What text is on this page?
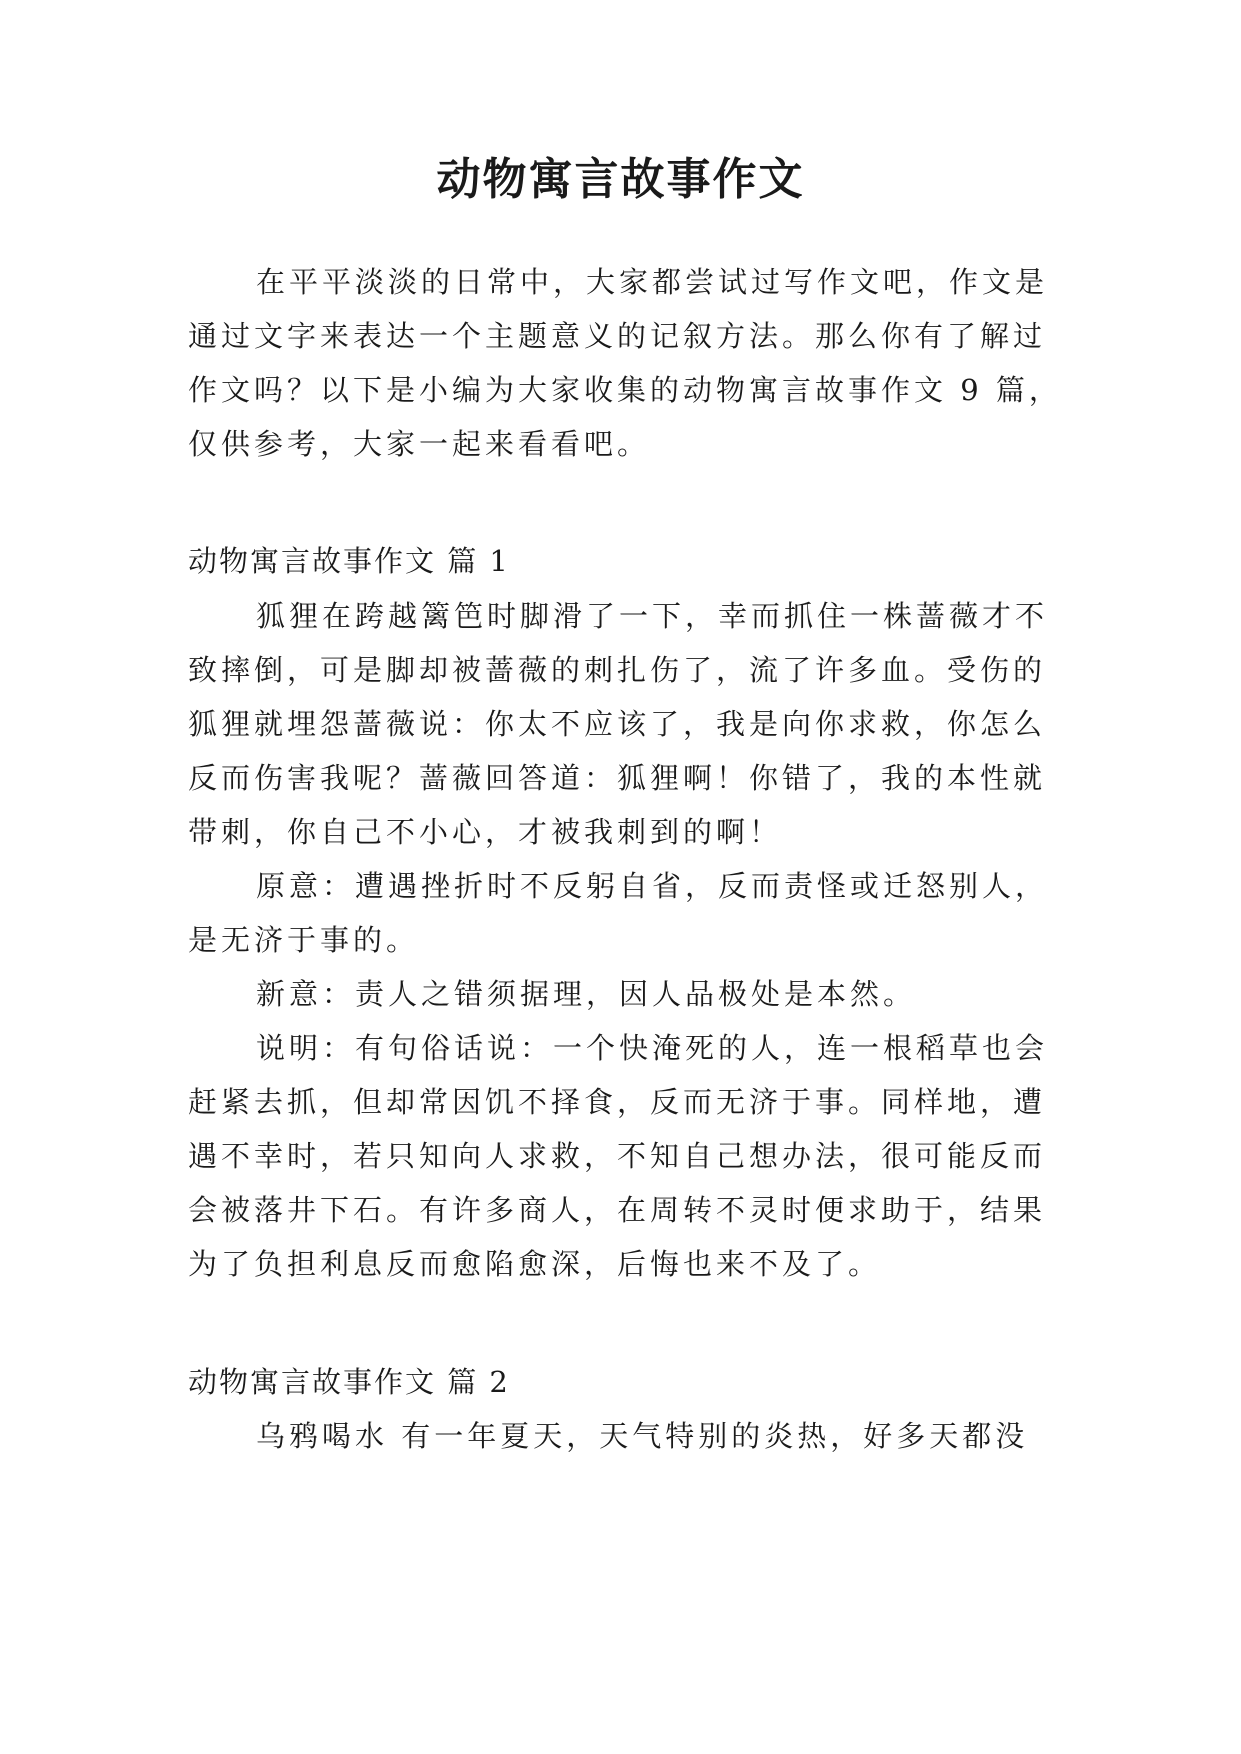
动物寓言故事作文
在平平淡淡的日常中，大家都尝试过写作文吧，作文是
通过文字来表达一个主题意义的记叙方法。那么你有了解过
作文吗？以下是小编为大家收集的动物寓言故事作文 9 篇，
仅供参考，大家一起来看看吧。
动物寓言故事作文 篇 1
狐狸在跨越篱笆时脚滑了一下，幸而抓住一株蔷薇才不
致摔倒，可是脚却被蔷薇的刺扎伤了，流了许多血。受伤的
狐狸就埋怨蔷薇说：你太不应该了，我是向你求救，你怎么
反而伤害我呢？蔷薇回答道：狐狸啊！你错了，我的本性就
带刺，你自己不小心，才被我刺到的啊！
原意：遭遇挫折时不反躬自省，反而责怪或迁怒别人，
是无济于事的。
新意：责人之错须据理，因人品极处是本然。
说明：有句俗话说：一个快淹死的人，连一根稻草也会
赶紧去抓，但却常因饥不择食，反而无济于事。同样地，遭
遇不幸时，若只知向人求救，不知自己想办法，很可能反而
会被落井下石。有许多商人，在周转不灵时便求助于，结果
为了负担利息反而愈陷愈深，后悔也来不及了。
动物寓言故事作文 篇 2
乌鸦喝水 有一年夏天，天气特别的炎热，好多天都没
